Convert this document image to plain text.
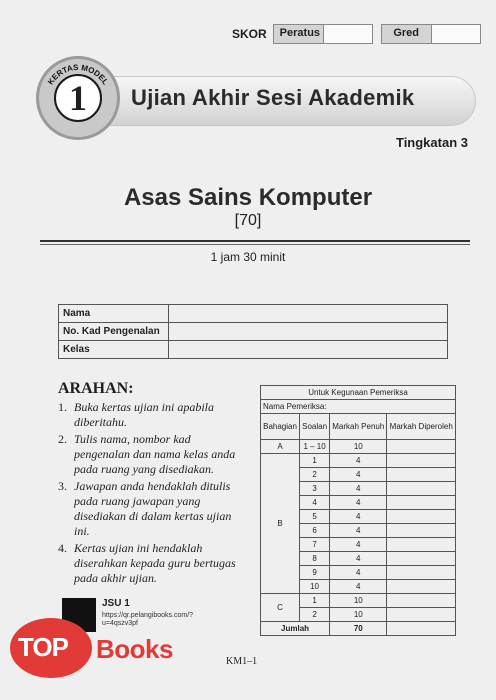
SKOR	Peratus	Gred
KERTAS MODEL
1	Ujian Akhir Sesi Akademik
Tingkatan 3
Asas Sains Komputer
[70]
1 jam 30 minit
Nama	
No. Kad Pengenalan	
Kelas	
ARAHAN:
1. Buka kertas ujian ini apabila diberitahu.
2. Tulis nama, nombor kad pengenalan dan nama kelas anda pada ruang yang disediakan.
3. Jawapan anda hendaklah ditulis pada ruang jawapan yang disediakan di dalam kertas ujian ini.
4. Kertas ujian ini hendaklah diserahkan kepada guru bertugas pada akhir ujian.
Untuk Kegunaan Pemeriksa			
Nama Pemeriksa:			
Bahagian	Soalan	Markah Penuh	Markah Diperoleh
A	1 – 10	10	
B	1	4	
	2	4	
	3	4	
	4	4	
	5	4	
	6	4	
	7	4	
	8	4	
	9	4	
	10	4	
C	1	10	
	2	10	
Jumlah		70	
JSU 1
https://qr.pelangibooks.com/?u=4qszv3pf
TOP Books	KM1–1
